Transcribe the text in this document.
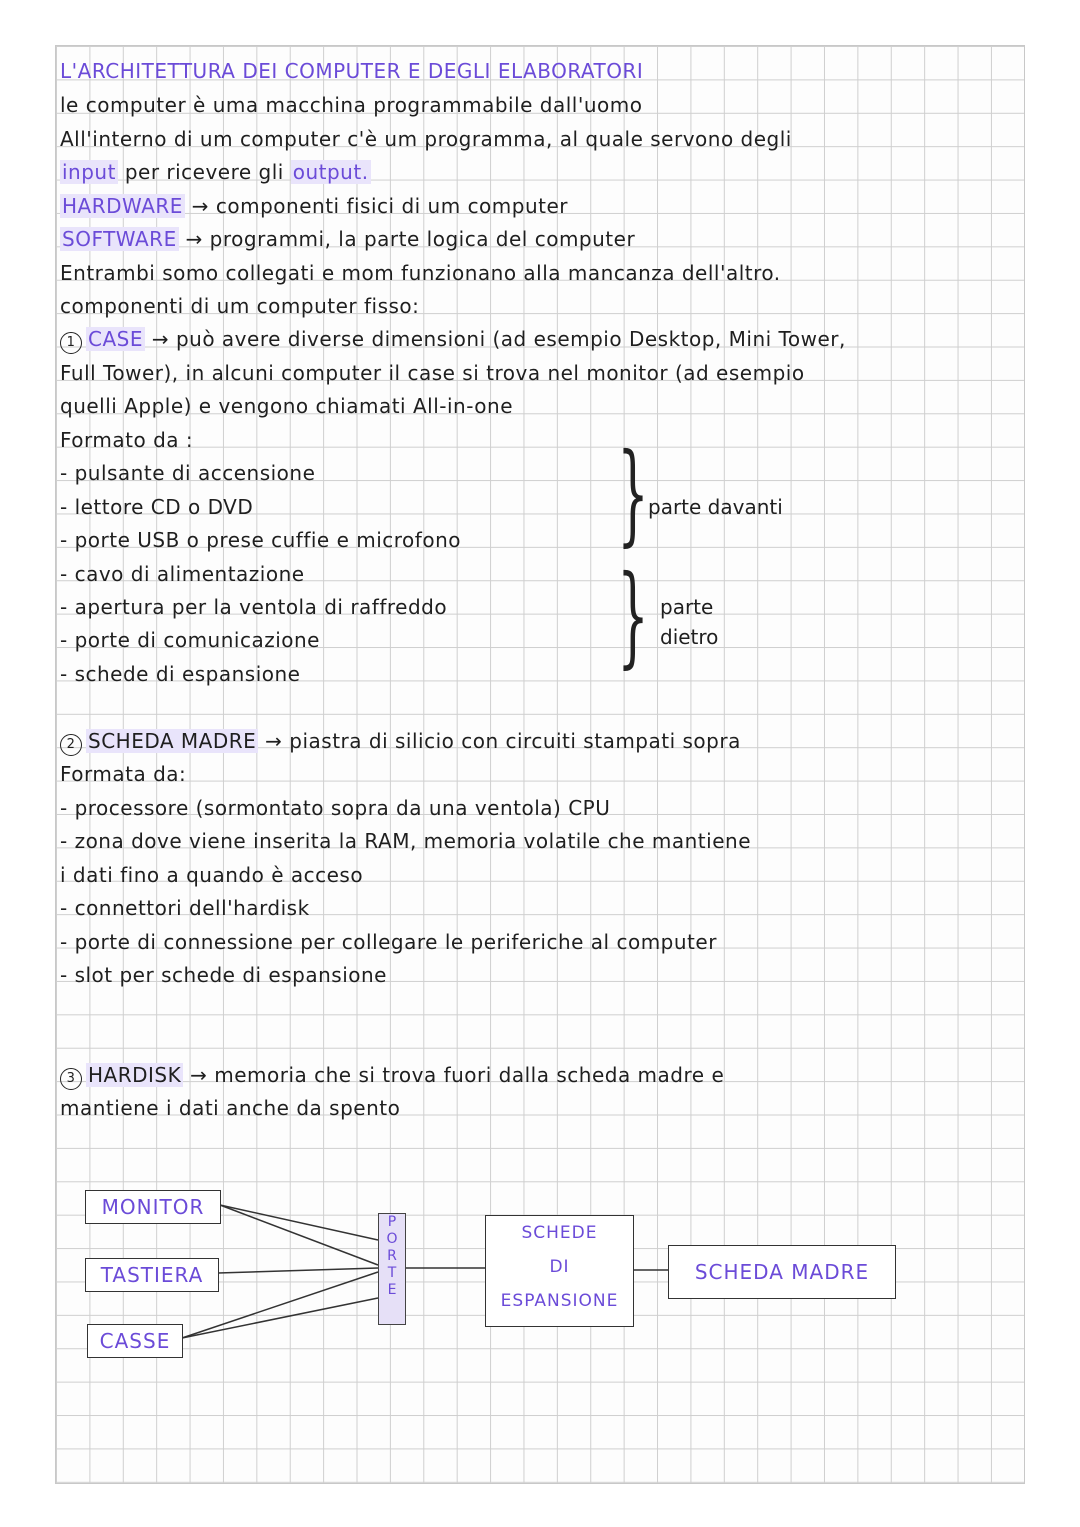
L'ARCHITETTURA DEI COMPUTER E DEGLI ELABORATORI
le computer è uma macchina programmabile dall'uomo
All'interno di um computer c'è um programma, al quale servono degli
input per ricevere gli output.
HARDWARE → componenti fisici di um computer
SOFTWARE → programmi, la parte logica del computer
Entrambi somo collegati e mom funzionano alla mancanza dell'altro.
componenti di um computer fisso:
1 CASE → può avere diverse dimensioni (ad esempio Desktop, Mini Tower,
Full Tower), in alcuni computer il case si trova nel monitor (ad esempio
quelli Apple) e vengono chiamati All-in-one
Formato da :
- pulsante di accensione
- lettore CD o DVD
- porte USB o prese cuffie e microfono
- cavo di alimentazione
- apertura per la ventola di raffreddo
- porte di comunicazione
- schede di espansione
} parte davanti
} parte
dietro
2 SCHEDA MADRE → piastra di silicio con circuiti stampati sopra
Formata da:
- processore (sormontato sopra da una ventola) CPU
- zona dove viene inserita la RAM, memoria volatile che mantiene
i dati fino a quando è acceso
- connettori dell'hardisk
- porte di connessione per collegare le periferiche al computer
- slot per schede di espansione
3 HARDISK → memoria che si trova fuori dalla scheda madre e
mantiene i dati anche da spento
MONITOR
TASTIERA
CASSE
P
O
R
T
E
SCHEDE
DI
ESPANSIONE
SCHEDA MADRE
